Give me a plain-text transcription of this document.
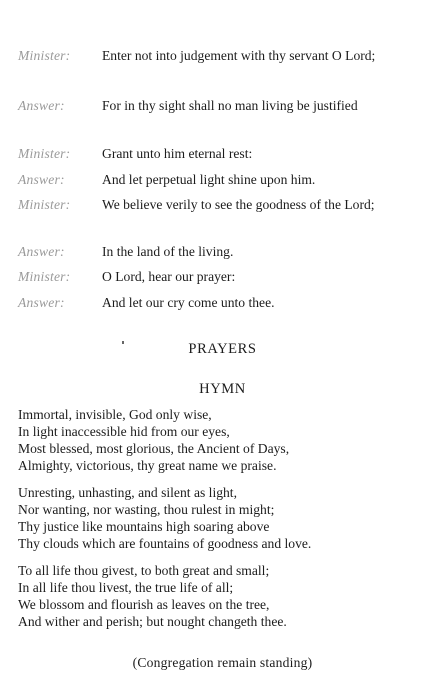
Minister:	Enter not into judgement with thy servant O Lord;
Answer:	For in thy sight shall no man living be justified
Minister:	Grant unto him eternal rest:
Answer:	And let perpetual light shine upon him.
Minister:	We believe verily to see the goodness of the Lord;
Answer:	In the land of the living.
Minister:	O Lord, hear our prayer:
Answer:	And let our cry come unto thee.
PRAYERS
HYMN
Immortal, invisible, God only wise,
In light inaccessible hid from our eyes,
Most blessed, most glorious, the Ancient of Days,
Almighty, victorious, thy great name we praise.
Unresting, unhasting, and silent as light,
Nor wanting, nor wasting, thou rulest in might;
Thy justice like mountains high soaring above
Thy clouds which are fountains of goodness and love.
To all life thou givest, to both great and small;
In all life thou livest, the true life of all;
We blossom and flourish as leaves on the tree,
And wither and perish; but nought changeth thee.
(Congregation remain standing)
